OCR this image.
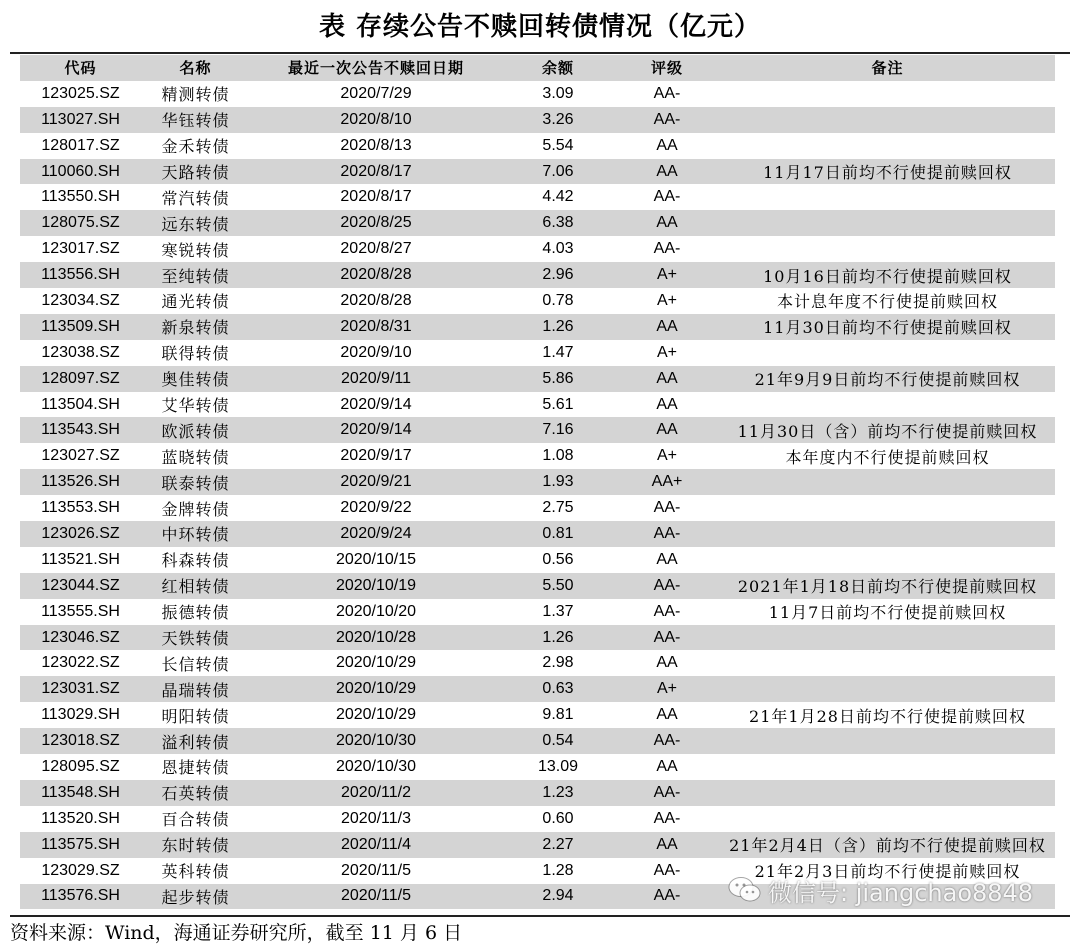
表 存续公告不赎回转债情况（亿元）
代码	名称	最近一次公告不赎回日期	余额	评级	备注
123025.SZ	精测转债	2020/7/29	3.09	AA-	
113027.SH	华钰转债	2020/8/10	3.26	AA-	
128017.SZ	金禾转债	2020/8/13	5.54	AA	
110060.SH	天路转债	2020/8/17	7.06	AA	11月17日前均不行使提前赎回权
113550.SH	常汽转债	2020/8/17	4.42	AA-	
128075.SZ	远东转债	2020/8/25	6.38	AA	
123017.SZ	寒锐转债	2020/8/27	4.03	AA-	
113556.SH	至纯转债	2020/8/28	2.96	A+	10月16日前均不行使提前赎回权
123034.SZ	通光转债	2020/8/28	0.78	A+	本计息年度不行使提前赎回权
113509.SH	新泉转债	2020/8/31	1.26	AA	11月30日前均不行使提前赎回权
123038.SZ	联得转债	2020/9/10	1.47	A+	
128097.SZ	奥佳转债	2020/9/11	5.86	AA	21年9月9日前均不行使提前赎回权
113504.SH	艾华转债	2020/9/14	5.61	AA	
113543.SH	欧派转债	2020/9/14	7.16	AA	11月30日（含）前均不行使提前赎回权
123027.SZ	蓝晓转债	2020/9/17	1.08	A+	本年度内不行使提前赎回权
113526.SH	联泰转债	2020/9/21	1.93	AA+	
113553.SH	金牌转债	2020/9/22	2.75	AA-	
123026.SZ	中环转债	2020/9/24	0.81	AA-	
113521.SH	科森转债	2020/10/15	0.56	AA	
123044.SZ	红相转债	2020/10/19	5.50	AA-	2021年1月18日前均不行使提前赎回权
113555.SH	振德转债	2020/10/20	1.37	AA-	11月7日前均不行使提前赎回权
123046.SZ	天铁转债	2020/10/28	1.26	AA-	
123022.SZ	长信转债	2020/10/29	2.98	AA	
123031.SZ	晶瑞转债	2020/10/29	0.63	A+	
113029.SH	明阳转债	2020/10/29	9.81	AA	21年1月28日前均不行使提前赎回权
123018.SZ	溢利转债	2020/10/30	0.54	AA-	
128095.SZ	恩捷转债	2020/10/30	13.09	AA	
113548.SH	石英转债	2020/11/2	1.23	AA-	
113520.SH	百合转债	2020/11/3	0.60	AA-	
113575.SH	东时转债	2020/11/4	2.27	AA	21年2月4日（含）前均不行使提前赎回权
123029.SZ	英科转债	2020/11/5	1.28	AA-	21年2月3日前均不行使提前赎回权
113576.SH	起步转债	2020/11/5	2.94	AA-	
资料来源：Wind，海通证券研究所，截至 11 月 6 日
微信号: jiangchao8848
